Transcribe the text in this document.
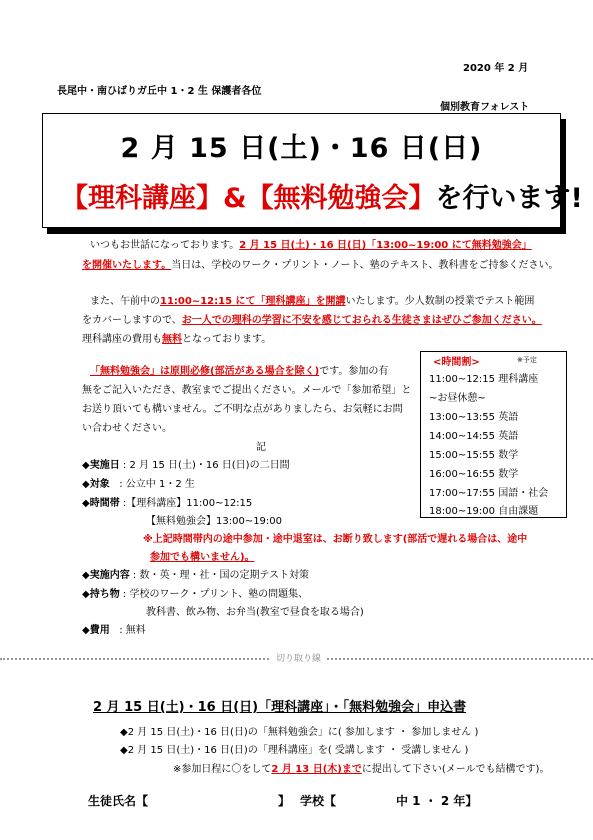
2020 年 2 月
長尾中・南ひばりガ丘中 1・2 生 保護者各位
個別教育フォレスト
2 月 15 日(土)・16 日(日)
【理科講座】&【無料勉強会】を行います!
いつもお世話になっております。2 月 15 日(土)・16 日(日)「13:00~19:00 にて無料勉強会」
を開催いたします。当日は、学校のワーク・プリント・ノート、塾のテキスト、教科書をご持参ください。
また、午前中の11:00~12:15 にて「理科講座」を開講いたします。少人数制の授業でテスト範囲
をカバーしますので、お一人での理科の学習に不安を感じておられる生徒さまはぜひご参加ください。
理科講座の費用も無料となっております。
「無料勉強会」は原則必修(部活がある場合を除く)です。参加の有
無をご記入いただき、教室までご提出ください。メールで「参加希望」と
お送り頂いても構いません。ご不明な点がありましたら、お気軽にお問
い合わせください。
<時間割>	※予定
11:00~12:15 理科講座
~お昼休憩~
13:00~13:55 英語
14:00~14:55 英語
15:00~15:55 数学
16:00~16:55 数学
17:00~17:55 国語・社会
18:00~19:00 自由課題
記
◆実施日 : 2 月 15 日(土)・16 日(日)の二日間
◆対象 : 公立中 1・2 生
◆時間帯 :【理科講座】11:00~12:15
【無料勉強会】13:00~19:00
※上記時間帯内の途中参加・途中退室は、お断り致します(部活で遅れる場合は、途中
参加でも構いません)。
◆実施内容 : 数・英・理・社・国の定期テスト対策
◆持ち物 : 学校のワーク・プリント、塾の問題集、
教科書、飲み物、お弁当(教室で昼食を取る場合)
◆費用 : 無料
切り取り線
2 月 15 日(土)・16 日(日)「理科講座」・「無料勉強会」申込書
◆2 月 15 日(土)・16 日(日)の「無料勉強会」に( 参加します ・ 参加しません )
◆2 月 15 日(土)・16 日(日)の「理科講座」を( 受講します ・ 受講しません )
※参加日程に〇をして2 月 13 日(木)までに提出して下さい(メールでも結構です)。
生徒氏名【	】 学校【	中 1 ・ 2 年】
